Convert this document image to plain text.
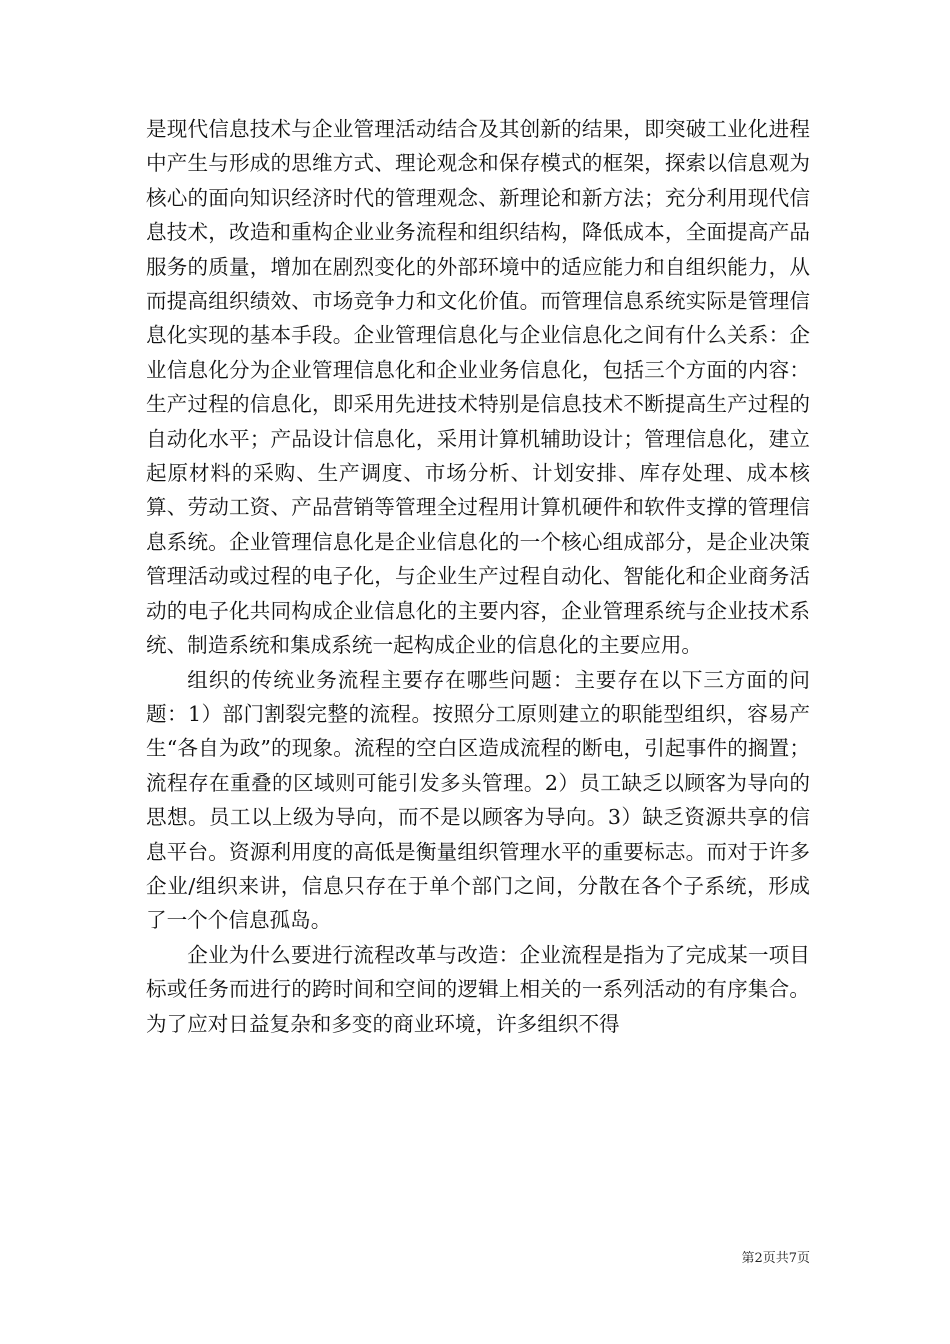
是现代信息技术与企业管理活动结合及其创新的结果，即突破工业化进程中产生与形成的思维方式、理论观念和保存模式的框架，探索以信息观为核心的面向知识经济时代的管理观念、新理论和新方法；充分利用现代信息技术，改造和重构企业业务流程和组织结构，降低成本，全面提高产品服务的质量，增加在剧烈变化的外部环境中的适应能力和自组织能力，从而提高组织绩效、市场竞争力和文化价值。而管理信息系统实际是管理信息化实现的基本手段。企业管理信息化与企业信息化之间有什么关系：企业信息化分为企业管理信息化和企业业务信息化，包括三个方面的内容：生产过程的信息化，即采用先进技术特别是信息技术不断提高生产过程的自动化水平；产品设计信息化，采用计算机辅助设计；管理信息化，建立起原材料的采购、生产调度、市场分析、计划安排、库存处理、成本核算、劳动工资、产品营销等管理全过程用计算机硬件和软件支撑的管理信息系统。企业管理信息化是企业信息化的一个核心组成部分，是企业决策管理活动或过程的电子化，与企业生产过程自动化、智能化和企业商务活动的电子化共同构成企业信息化的主要内容，企业管理系统与企业技术系统、制造系统和集成系统一起构成企业的信息化的主要应用。

组织的传统业务流程主要存在哪些问题：主要存在以下三方面的问题：1）部门割裂完整的流程。按照分工原则建立的职能型组织，容易产生“各自为政”的现象。流程的空白区造成流程的断电，引起事件的搁置；流程存在重叠的区域则可能引发多头管理。2）员工缺乏以顾客为导向的思想。员工以上级为导向，而不是以顾客为导向。3）缺乏资源共享的信息平台。资源利用度的高低是衡量组织管理水平的重要标志。而对于许多企业/组织来讲，信息只存在于单个部门之间，分散在各个子系统，形成了一个个信息孤岛。

企业为什么要进行流程改革与改造：企业流程是指为了完成某一项目标或任务而进行的跨时间和空间的逻辑上相关的一系列活动的有序集合。为了应对日益复杂和多变的商业环境，许多组织不得

第2页共7页
